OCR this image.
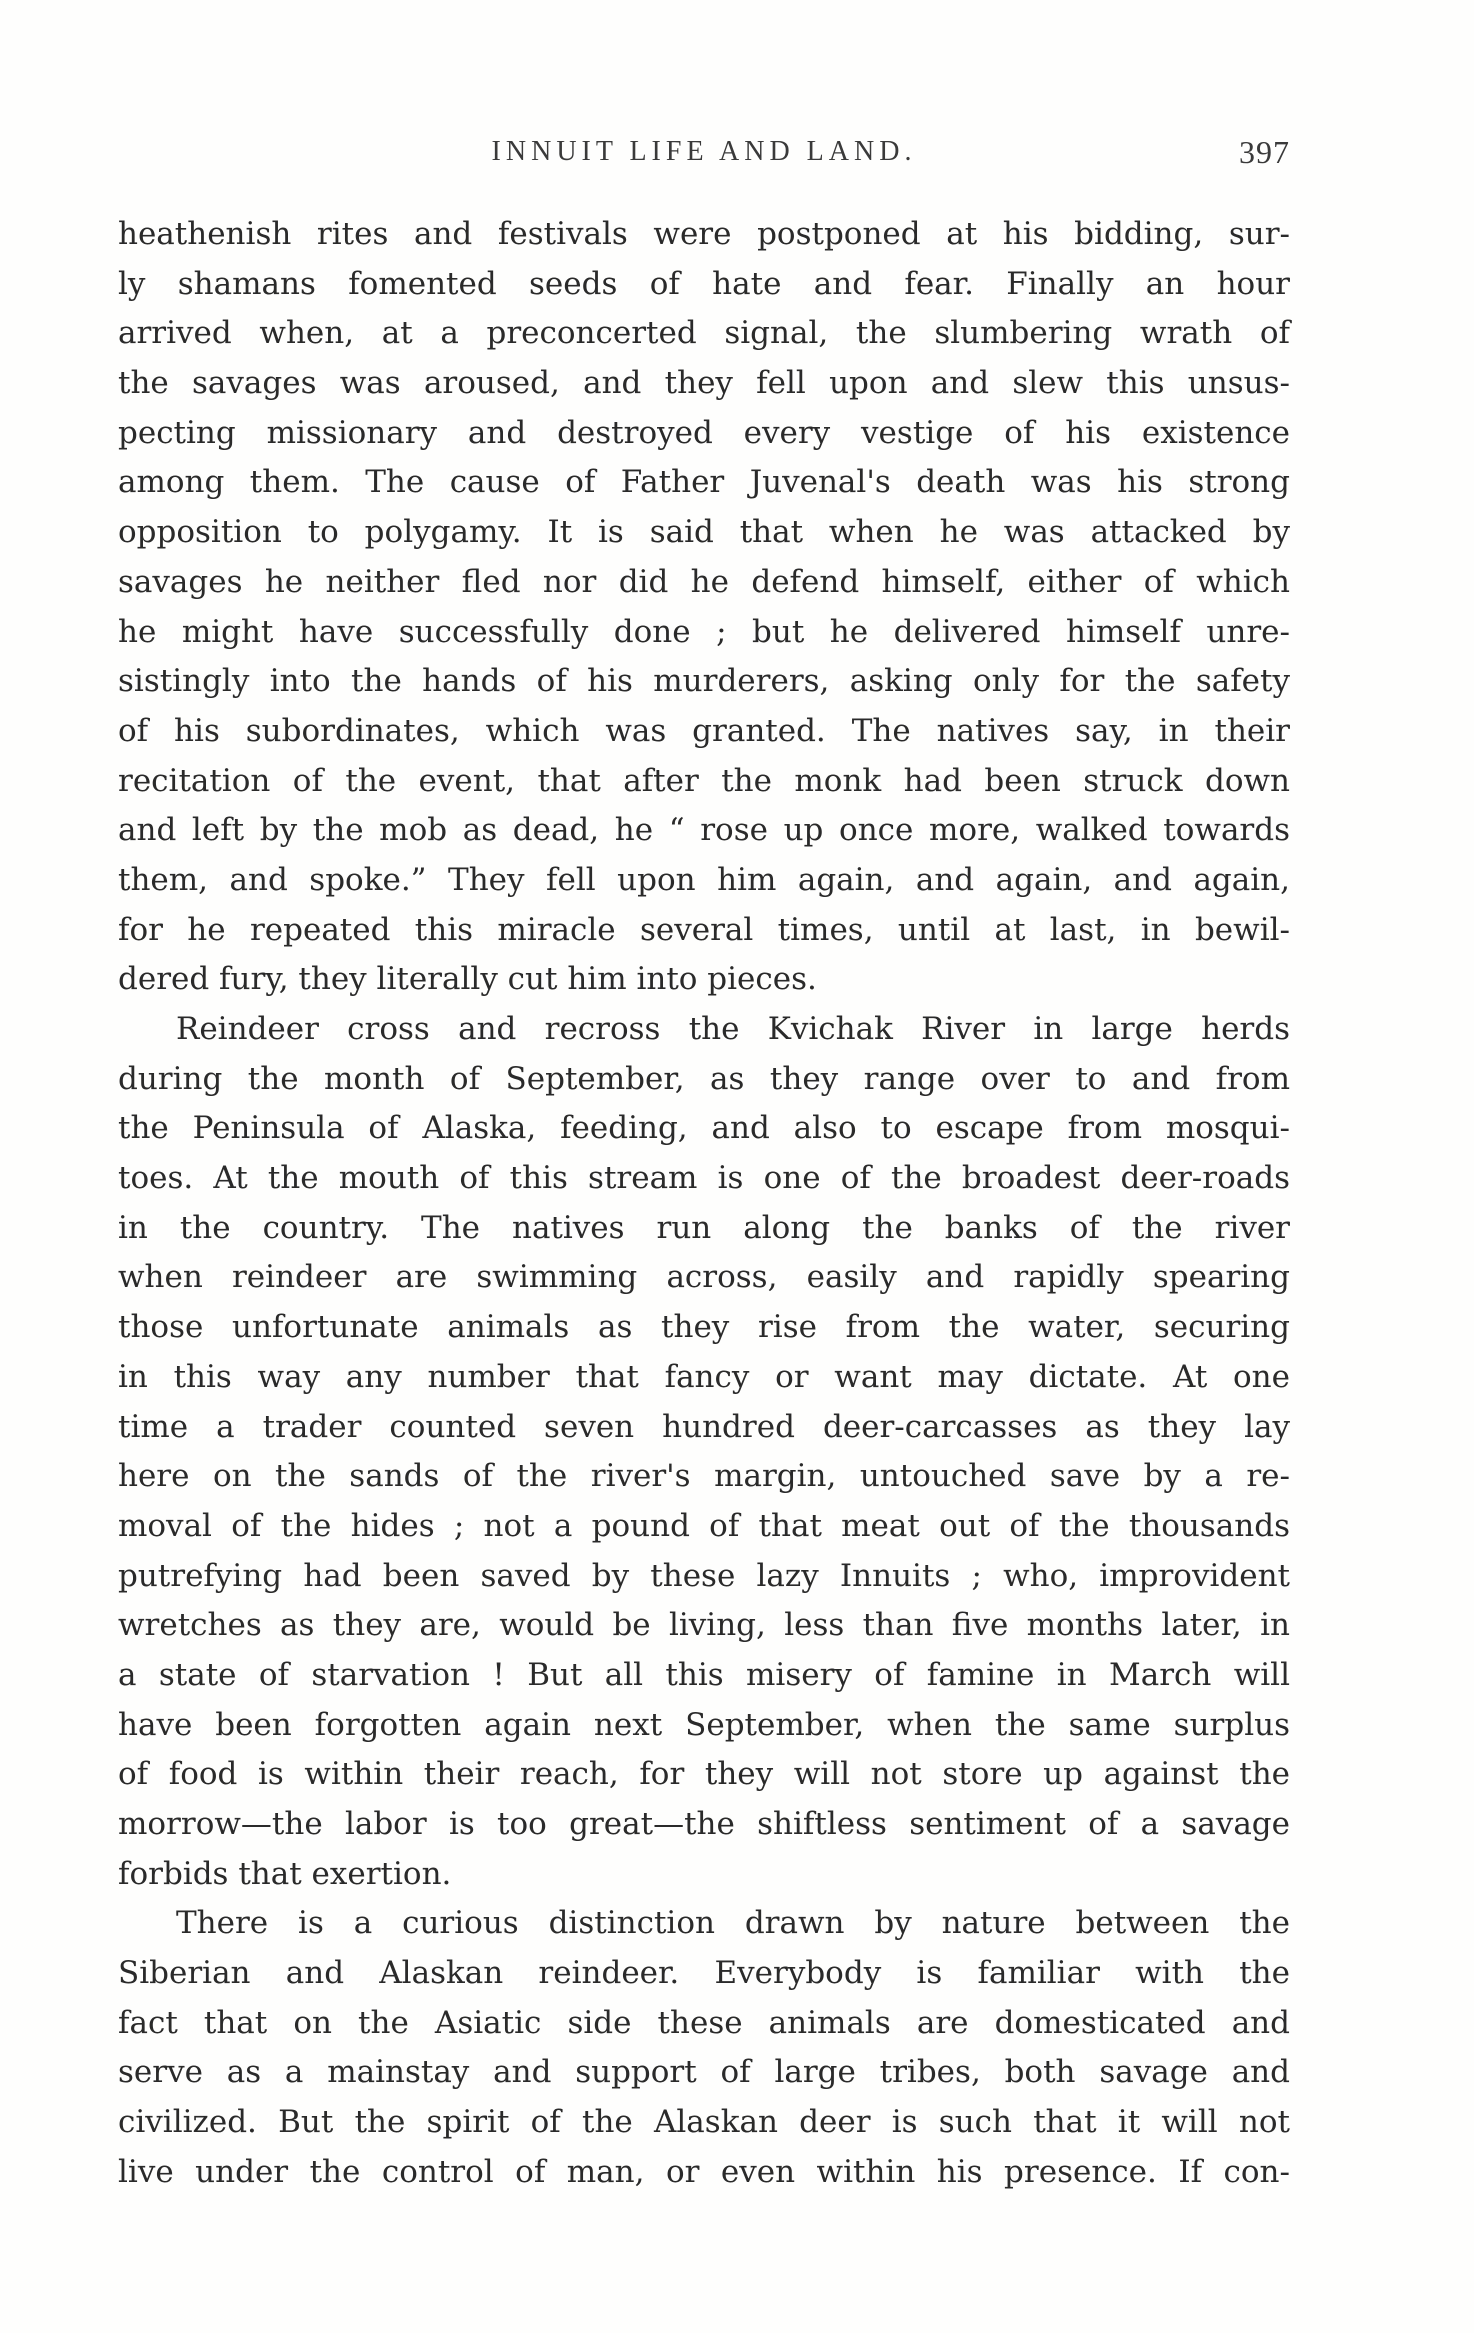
INNUIT LIFE AND LAND.	397
heathenish rites and festivals were postponed at his bidding, sur-
ly shamans fomented seeds of hate and fear. Finally an hour
arrived when, at a preconcerted signal, the slumbering wrath of
the savages was aroused, and they fell upon and slew this unsus-
pecting missionary and destroyed every vestige of his existence
among them. The cause of Father Juvenal's death was his strong
opposition to polygamy. It is said that when he was attacked by
savages he neither fled nor did he defend himself, either of which
he might have successfully done ; but he delivered himself unre-
sistingly into the hands of his murderers, asking only for the safety
of his subordinates, which was granted. The natives say, in their
recitation of the event, that after the monk had been struck down
and left by the mob as dead, he “ rose up once more, walked towards
them, and spoke.” They fell upon him again, and again, and again,
for he repeated this miracle several times, until at last, in bewil-
dered fury, they literally cut him into pieces.
Reindeer cross and recross the Kvichak River in large herds
during the month of September, as they range over to and from
the Peninsula of Alaska, feeding, and also to escape from mosqui-
toes. At the mouth of this stream is one of the broadest deer-roads
in the country. The natives run along the banks of the river
when reindeer are swimming across, easily and rapidly spearing
those unfortunate animals as they rise from the water, securing
in this way any number that fancy or want may dictate. At one
time a trader counted seven hundred deer-carcasses as they lay
here on the sands of the river's margin, untouched save by a re-
moval of the hides ; not a pound of that meat out of the thousands
putrefying had been saved by these lazy Innuits ; who, improvident
wretches as they are, would be living, less than five months later, in
a state of starvation ! But all this misery of famine in March will
have been forgotten again next September, when the same surplus
of food is within their reach, for they will not store up against the
morrow—the labor is too great—the shiftless sentiment of a savage
forbids that exertion.
There is a curious distinction drawn by nature between the
Siberian and Alaskan reindeer. Everybody is familiar with the
fact that on the Asiatic side these animals are domesticated and
serve as a mainstay and support of large tribes, both savage and
civilized. But the spirit of the Alaskan deer is such that it will not
live under the control of man, or even within his presence. If con-
